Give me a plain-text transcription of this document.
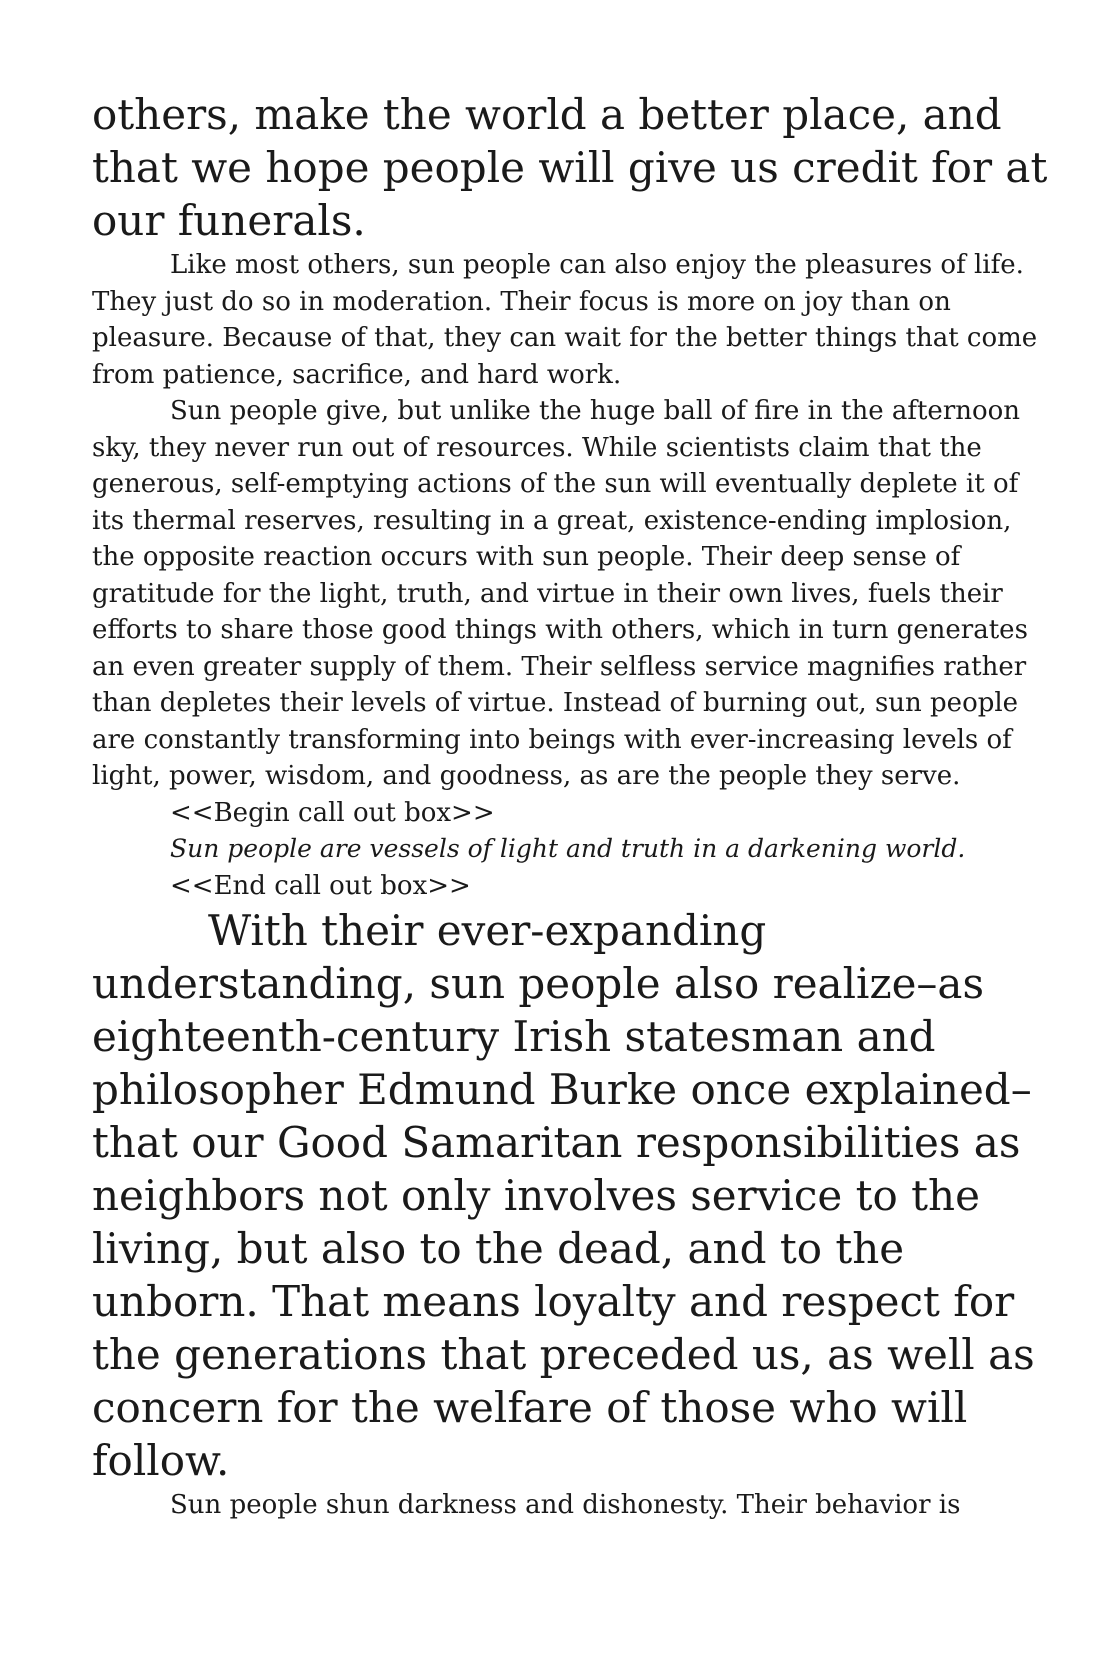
others, make the world a better place, and that we hope people will give us credit for at our funerals.

Like most others, sun people can also enjoy the pleasures of life. They just do so in moderation. Their focus is more on joy than on pleasure. Because of that, they can wait for the better things that come from patience, sacrifice, and hard work.

Sun people give, but unlike the huge ball of fire in the afternoon sky, they never run out of resources. While scientists claim that the generous, self-emptying actions of the sun will eventually deplete it of its thermal reserves, resulting in a great, existence-ending implosion, the opposite reaction occurs with sun people. Their deep sense of gratitude for the light, truth, and virtue in their own lives, fuels their efforts to share those good things with others, which in turn generates an even greater supply of them. Their selfless service magnifies rather than depletes their levels of virtue. Instead of burning out, sun people are constantly transforming into beings with ever-increasing levels of light, power, wisdom, and goodness, as are the people they serve.

<<Begin call out box>>

Sun people are vessels of light and truth in a darkening world.

<<End call out box>>

With their ever-expanding understanding, sun people also realize–as eighteenth-century Irish statesman and philosopher Edmund Burke once explained–that our Good Samaritan responsibilities as neighbors not only involves service to the living, but also to the dead, and to the unborn. That means loyalty and respect for the generations that preceded us, as well as concern for the welfare of those who will follow.

Sun people shun darkness and dishonesty. Their behavior is
